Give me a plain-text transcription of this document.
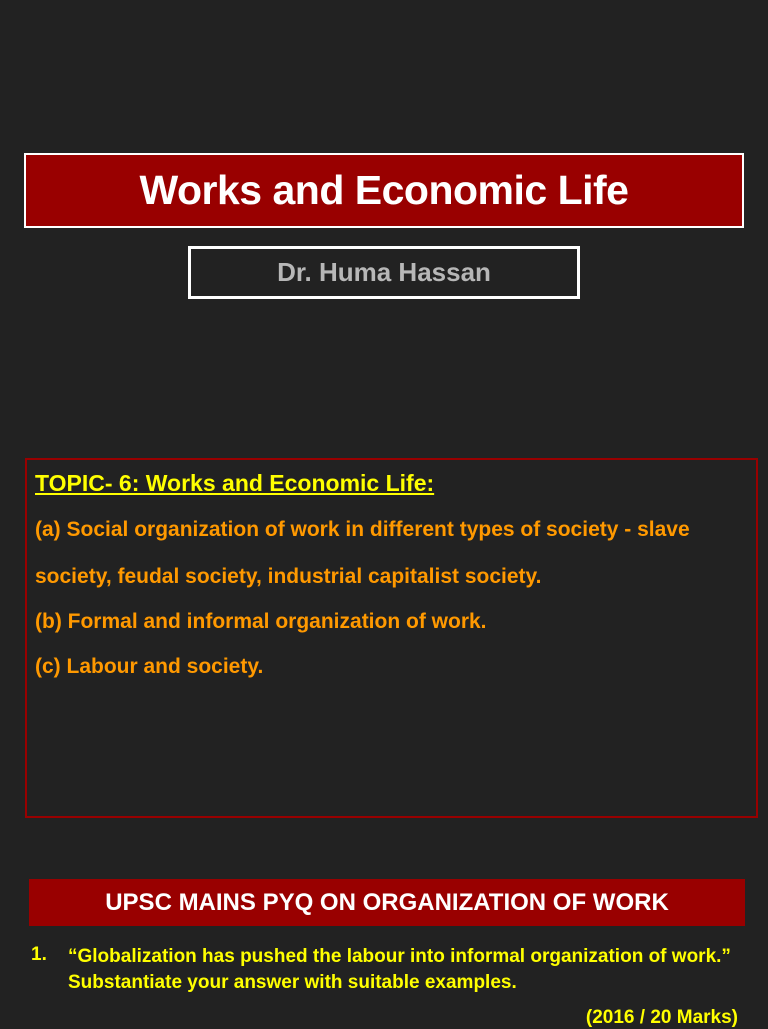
Works and Economic Life
Dr. Huma Hassan
TOPIC- 6: Works and Economic Life:
(a) Social organization of work in different types of society - slave
society, feudal society, industrial capitalist society.
(b) Formal and informal organization of work.
(c) Labour and society.
UPSC MAINS PYQ ON ORGANIZATION OF WORK
1. “Globalization has pushed the labour into informal organization of work.” Substantiate your answer with suitable examples.
(2016 / 20 Marks)
